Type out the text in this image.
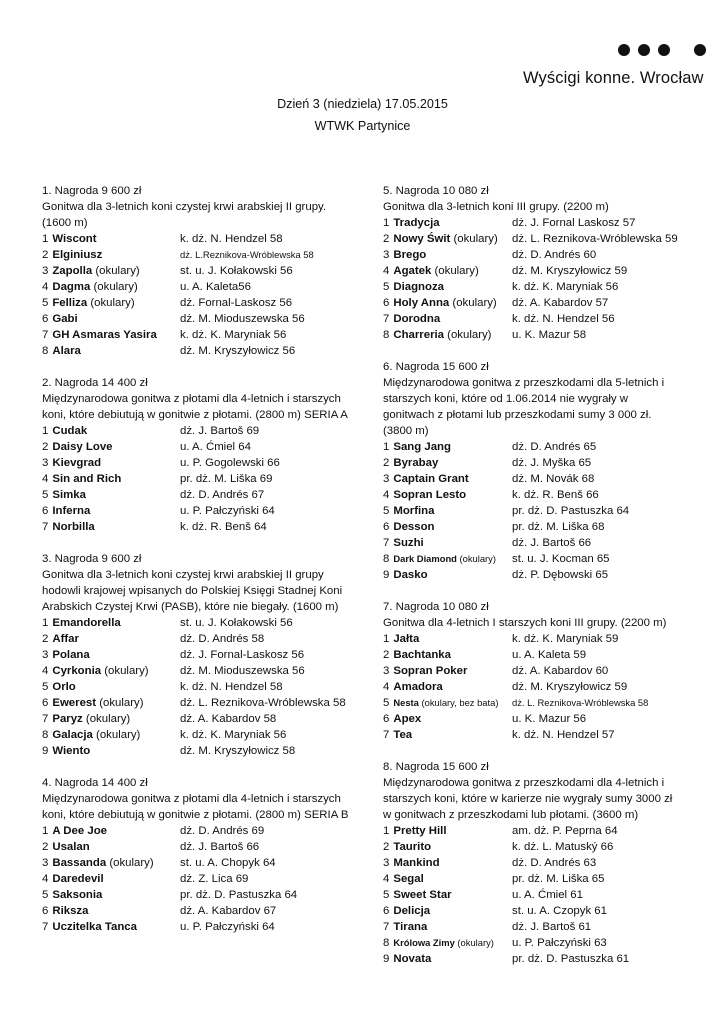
Wyścigi konne. Wrocław
Dzień 3 (niedziela) 17.05.2015
WTWK Partynice
1. Nagroda 9 600 zł
Gonitwa dla 3-letnich koni czystej krwi arabskiej II grupy.
(1600 m)
1 Wiscont	k. dż. N. Hendzel 58
2 Elginiusz	dż. L.Reznikova-Wróblewska 58
3 Zapolla (okulary)	st. u. J. Kołakowski 56
4 Dagma (okulary)	u. A. Kaleta56
5 Felliza (okulary)	dż. Fornal-Laskosz 56
6 Gabi	dż. M. Mioduszewska 56
7 GH Asmaras Yasira	k. dż. K. Maryniak 56
8 Alara	dż. M. Kryszyłowicz 56
2. Nagroda 14 400 zł
Międzynarodowa gonitwa z płotami dla 4-letnich i starszych
koni, które debiutują w gonitwie z płotami. (2800 m) SERIA A
1 Cudak	dż. J. Bartoš 69
2 Daisy Love	u. A. Ćmiel 64
3 Kievgrad	u. P. Gogolewski 66
4 Sin and Rich	pr. dż. M. Liška 69
5 Simka	dż. D. Andrés 67
6 Inferna	u. P. Pałczyński 64
7 Norbilla	k. dż. R. Benš 64
3. Nagroda 9 600 zł
Gonitwa dla 3-letnich koni czystej krwi arabskiej II grupy
hodowli krajowej wpisanych do Polskiej Księgi Stadnej Koni
Arabskich Czystej Krwi (PASB), które nie biegały. (1600 m)
1 Emandorella	st. u. J. Kołakowski 56
2 Affar	dż. D. Andrés 58
3 Polana	dż. J. Fornal-Laskosz 56
4 Cyrkonia (okulary)	dż. M. Mioduszewska 56
5 Orlo	k. dż. N. Hendzel 58
6 Ewerest (okulary)	dż. L. Reznikova-Wróblewska 58
7 Paryz (okulary)	dż. A. Kabardov 58
8 Galacja (okulary)	k. dż. K. Maryniak 56
9 Wiento	dż. M. Kryszyłowicz 58
4. Nagroda 14 400 zł
Międzynarodowa gonitwa z płotami dla 4-letnich i starszych
koni, które debiutują w gonitwie z płotami. (2800 m) SERIA B
1 A Dee Joe	dż. D. Andrés 69
2 Usalan	dż. J. Bartoš 66
3 Bassanda (okulary)	st. u. A. Chopyk 64
4 Daredevil	dż. Z. Lica 69
5 Saksonia	pr. dż. D. Pastuszka 64
6 Riksza	dż. A. Kabardov 67
7 Uczitelka Tanca	u. P. Pałczyński 64
5. Nagroda 10 080 zł
Gonitwa dla 3-letnich koni III grupy. (2200 m)
1 Tradycja	dż. J. Fornal Laskosz 57
2 Nowy Świt (okulary)	dż. L. Reznikova-Wróblewska 59
3 Brego	dż. D. Andrés 60
4 Agatek (okulary)	dż. M. Kryszyłowicz 59
5 Diagnoza	k. dż. K. Maryniak 56
6 Holy Anna (okulary)	dż. A. Kabardov 57
7 Dorodna	k. dż. N. Hendzel 56
8 Charreria (okulary)	u. K. Mazur 58
6. Nagroda 15 600 zł
Międzynarodowa gonitwa z przeszkodami dla 5-letnich i
starszych koni, które od 1.06.2014 nie wygrały w
gonitwach z płotami lub przeszkodami sumy 3 000 zł.
(3800 m)
1 Sang Jang	dż. D. Andrés 65
2 Byrabay	dż. J. Myška 65
3 Captain Grant	dż. M. Novák 68
4 Sopran Lesto	k. dż. R. Benš 66
5 Morfina	pr. dż. D. Pastuszka 64
6 Desson	pr. dż. M. Liška 68
7 Suzhi	dż. J. Bartoš 66
8 Dark Diamond (okulary)	st. u. J. Kocman 65
9 Dasko	dż. P. Dębowski 65
7. Nagroda 10 080 zł
Gonitwa dla 4-letnich I starszych koni III grupy. (2200 m)
1 Jałta	k. dż. K. Maryniak 59
2 Bachtanka	u. A. Kaleta 59
3 Sopran Poker	dż. A. Kabardov 60
4 Amadora	dż. M. Kryszyłowicz 59
5 Nesta (okulary, bez bata)	dż. L. Reznikova-Wróblewska 58
6 Apex	u. K. Mazur 56
7 Tea	k. dż. N. Hendzel 57
8. Nagroda 15 600 zł
Międzynarodowa gonitwa z przeszkodami dla 4-letnich i
starszych koni, które w karierze nie wygrały sumy 3000 zł
w gonitwach z przeszkodami lub płotami. (3600 m)
1 Pretty Hill	am. dż. P. Peprna 64
2 Taurito	k. dż. L. Matuský 66
3 Mankind	dż. D. Andrés 63
4 Segal	pr. dż. M. Liška 65
5 Sweet Star	u. A. Ćmiel 61
6 Delicja	st. u. A. Czopyk 61
7 Tirana	dż. J. Bartoš 61
8 Królowa Zimy (okulary)	u. P. Pałczyński 63
9 Novata	pr. dż. D. Pastuszka 61
